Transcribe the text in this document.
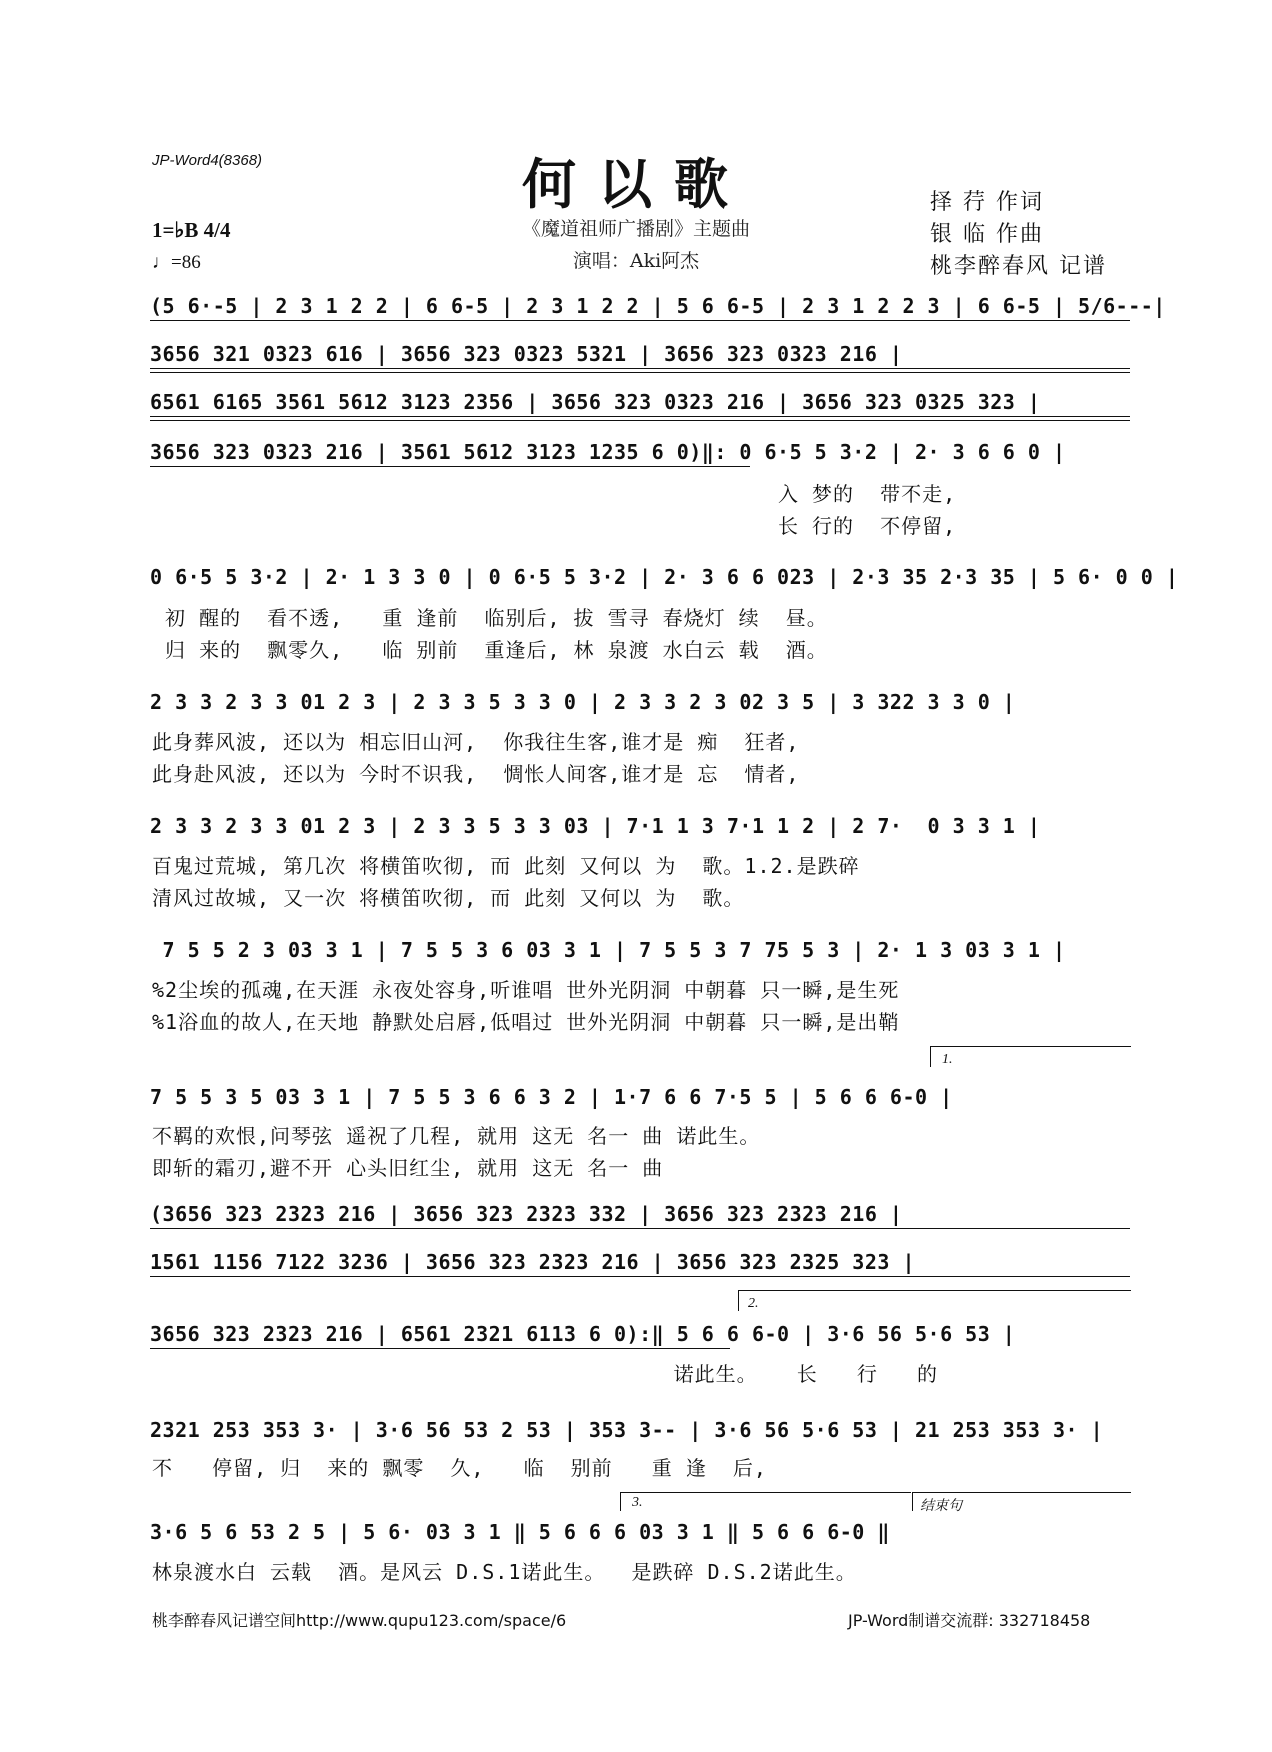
JP-Word4(8368)	何以歌
《魔道祖师广播剧》主题曲
演唱：Aki阿杰
择 荇 作词
银 临 作曲
桃李醉春风 记谱
1=♭B 4/4
♩=86
(5 6·-5 | 2 3 1 2 2 | 6 6-5 | 2 3 1 2 2 | 5 6 6-5 | 2 3 1 2 2 3 | 6 6-5 | 5/6---|
3656 321 0323 616 | 3656 323 0323 5321 | 3656 323 0323 216 |
6561 6165 3561 5612 3123 2356 | 3656 323 0323 216 | 3656 323 0325 323 |
3656 323 0323 216 | 3561 5612 3123 1235 6 0)‖: 0 6·5 5 3·2 | 2· 3 6 6 0 |
入 梦的  带不走,
长 行的  不停留,
0 6·5 5 3·2 | 2· 1 3 3 0 | 0 6·5 5 3·2 | 2· 3 6 6 023 | 2·3 35 2·3 35 | 5 6· 0 0 |
初 醒的  看不透,   重 逢前  临别后, 拔 雪寻 春烧灯 续  昼。
归 来的  飘零久,   临 别前  重逢后, 林 泉渡 水白云 载  酒。
2 3 3 2 3 3 01 2 3 | 2 3 3 5 3 3 0 | 2 3 3 2 3 02 3 5 | 3 322 3 3 0 |
此身葬风波, 还以为 相忘旧山河,  你我往生客,谁才是 痴  狂者,
此身赴风波, 还以为 今时不识我,  惆怅人间客,谁才是 忘  情者,
2 3 3 2 3 3 01 2 3 | 2 3 3 5 3 3 03 | 7·1 1 3 7·1 1 2 | 2 7·  0 3 3 1 |
百鬼过荒城, 第几次 将横笛吹彻, 而 此刻 又何以 为  歌。1.2.是跌碎
清风过故城, 又一次 将横笛吹彻, 而 此刻 又何以 为  歌。
7 5 5 2 3 03 3 1 | 7 5 5 3 6 03 3 1 | 7 5 5 3 7 75 5 3 | 2· 1 3 03 3 1 |
%2尘埃的孤魂,在天涯 永夜处容身,听谁唱 世外光阴洞 中朝暮 只一瞬,是生死
%1浴血的故人,在天地 静默处启唇,低唱过 世外光阴洞 中朝暮 只一瞬,是出鞘
1.
7 5 5 3 5 03 3 1 | 7 5 5 3 6 6 3 2 | 1·7 6 6 7·5 5 | 5 6 6 6-0 |
不羁的欢恨,问琴弦 遥祝了几程, 就用 这无 名一 曲 诺此生。
即斩的霜刃,避不开 心头旧红尘, 就用 这无 名一 曲
(3656 323 2323 216 | 3656 323 2323 332 | 3656 323 2323 216 |
1561 1156 7122 3236 | 3656 323 2323 216 | 3656 323 2325 323 |
2.
3656 323 2323 216 | 6561 2321 6113 6 0):‖ 5 6 6 6-0 | 3·6 56 5·6 53 |
诺此生。   长   行   的
2321 253 353 3· | 3·6 56 53 2 53 | 353 3-- | 3·6 56 5·6 53 | 21 253 353 3· |
不   停留, 归  来的 飘零  久,   临  别前   重 逢  后,
3.	结束句
3·6 5 6 53 2 5 | 5 6· 03 3 1 ‖ 5 6 6 6 03 3 1 ‖ 5 6 6 6-0 ‖
林泉渡水白 云载  酒。是风云 D.S.1诺此生。  是跌碎 D.S.2诺此生。
桃李醉春风记谱空间http://www.qupu123.com/space/6	JP-Word制谱交流群: 332718458
